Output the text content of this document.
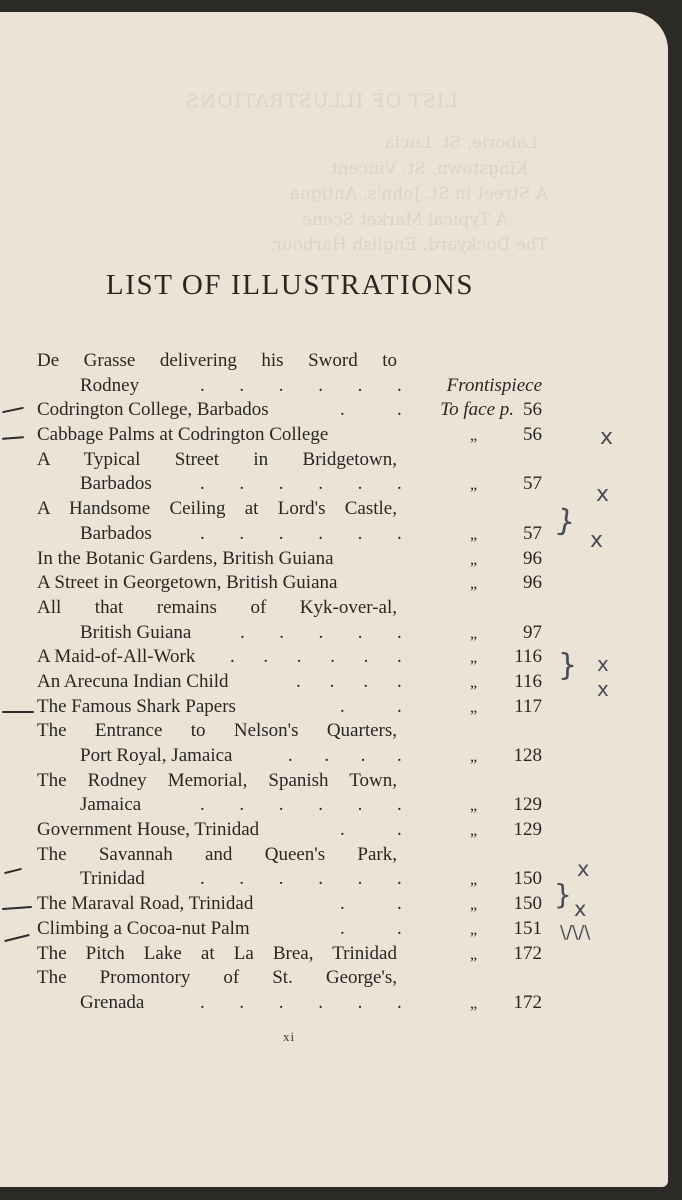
LIST OF ILLUSTRATIONS
Laborie, St. Lucia
Kingstown, St. Vincent
A Street in St. John's, Antigua
A Typical Market Scene
The Dockyard, English Harbour,
LIST OF ILLUSTRATIONS
De Grasse delivering his Sword to
Rodney	. . . . . . Frontispiece
Codrington College, Barbados	.	. To face p. 56
Cabbage Palms at Codrington College	„ 56
A Typical Street in Bridgetown,
Barbados	. . . . . .	„ 57
A Handsome Ceiling at Lord's Castle,
Barbados	. . . . . .	„ 57
In the Botanic Gardens, British Guiana	„ 96
A Street in Georgetown, British Guiana	„ 96
All that remains of Kyk-over-al,
British Guiana	. . . . .	„ 97
A Maid-of-All-Work	. . . . . .	„ 116
An Arecuna Indian Child	. . . .	„ 116
The Famous Shark Papers	.	.	„ 117
The Entrance to Nelson's Quarters,
Port Royal, Jamaica	. . . .	„ 128
The Rodney Memorial, Spanish Town,
Jamaica	. . . . . .	„ 129
Government House, Trinidad	.	.	„ 129
The Savannah and Queen's Park,
Trinidad	. . . . . .	„ 150
The Maraval Road, Trinidad	.	.	„ 150
Climbing a Cocoa-nut Palm	.	.	„ 151
The Pitch Lake at La Brea, Trinidad	„ 172
The Promontory of St. George's,
Grenada	. . . . . .	„ 172
xi
x
x
x
x
x
x
x
}
}
}
\/\/\
